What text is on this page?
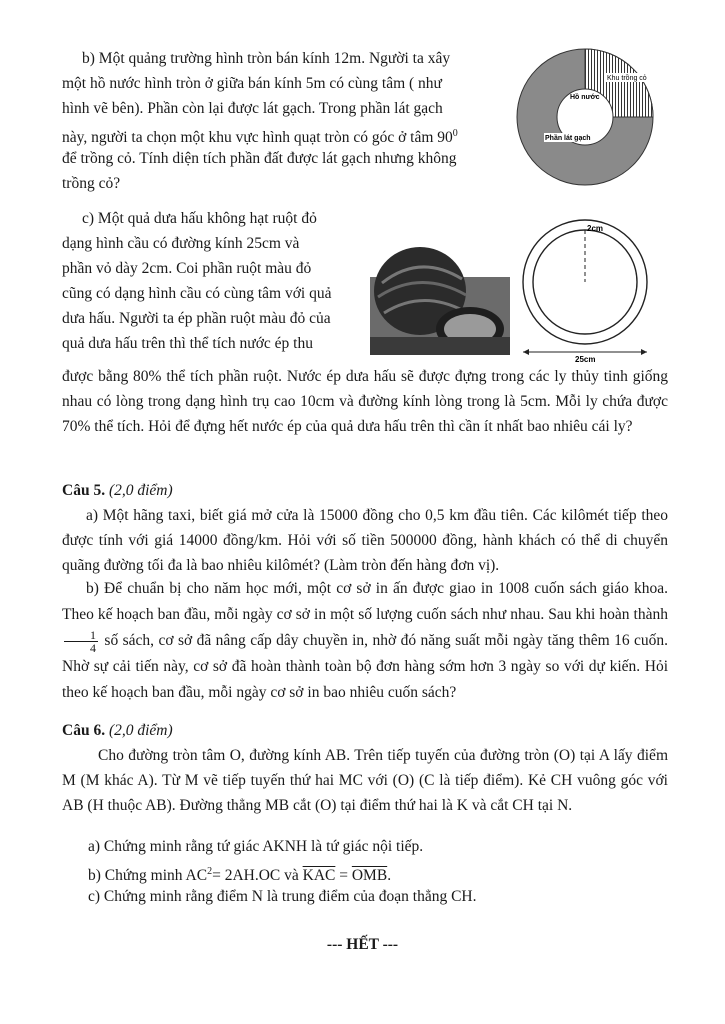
b) Một quảng trường hình tròn bán kính 12m. Người ta xây

một hồ nước hình tròn ở giữa bán kính 5m có cùng tâm ( như

hình vẽ bên). Phần còn lại được lát gạch. Trong phần lát gạch

này, người ta chọn một khu vực hình quạt tròn có góc ở tâm $90^0$

để trồng cỏ. Tính diện tích phần đất được lát gạch nhưng không

trồng cỏ?

Khu trồng cỏ
Hồ nước
Phần lát gạch

c) Một quả dưa hấu không hạt ruột đỏ

dạng hình cầu có đường kính 25cm và

phần vỏ dày 2cm. Coi phần ruột màu đỏ

cũng có dạng hình cầu có cùng tâm với quả

dưa hấu. Người ta ép phần ruột màu đỏ của

quả dưa hấu trên thì thể tích nước ép thu

được bằng 80% thể tích phần ruột. Nước ép dưa hấu sẽ được đựng trong các ly thủy tinh giống nhau có lòng trong dạng hình trụ cao 10cm và đường kính lòng trong là 5cm. Mỗi ly chứa được 70% thể tích. Hỏi để đựng hết nước ép của quả dưa hấu trên thì cần ít nhất bao nhiêu cái ly?

2cm
25cm

Câu 5. (2,0 điểm)

a) Một hãng taxi, biết giá mở cửa là 15000 đồng cho 0,5 km đầu tiên. Các kilômét tiếp theo được tính với giá 14000 đồng/km. Hỏi với số tiền 500000 đồng, hành khách có thể di chuyển quãng đường tối đa là bao nhiêu kilômét? (Làm tròn đến hàng đơn vị).

b) Để chuẩn bị cho năm học mới, một cơ sở in ấn được giao in 1008 cuốn sách giáo khoa. Theo kế hoạch ban đầu, mỗi ngày cơ sở in một số lượng cuốn sách như nhau. Sau khi hoàn thành
$\frac{1}{4}$ số sách, cơ sở đã nâng cấp dây chuyền in, nhờ đó năng suất mỗi ngày tăng thêm 16 cuốn. Nhờ sự cải tiến này, cơ sở đã hoàn thành toàn bộ đơn hàng sớm hơn 3 ngày so với dự kiến. Hỏi theo kế hoạch ban đầu, mỗi ngày cơ sở in bao nhiêu cuốn sách?

Câu 6. (2,0 điểm)

Cho đường tròn tâm O, đường kính AB. Trên tiếp tuyến của đường tròn (O) tại A lấy điểm M (M khác A). Từ M vẽ tiếp tuyến thứ hai MC với (O) (C là tiếp điểm). Kẻ CH vuông góc với AB (H thuộc AB). Đường thẳng MB cắt (O) tại điểm thứ hai là K và cắt CH tại N.

a) Chứng minh rằng tứ giác AKNH là tứ giác nội tiếp.

b) Chứng minh $AC^2= 2AH.OC$ và $\overline{KAC} = \overline{OMB}$.

c) Chứng minh rằng điểm N là trung điểm của đoạn thẳng CH.

--- HẾT ---
